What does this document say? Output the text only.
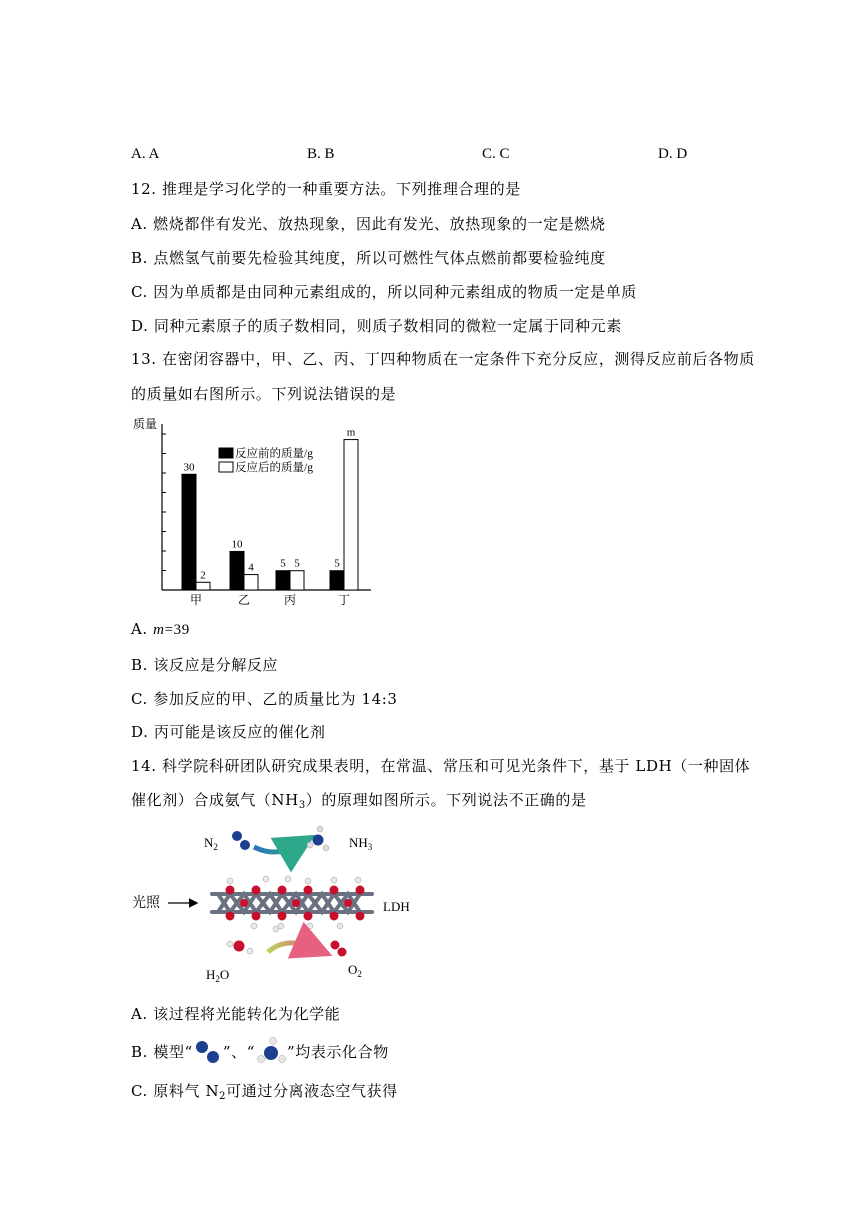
A. A	B. B	C. C	D. D
12. 推理是学习化学的一种重要方法。下列推理合理的是
A. 燃烧都伴有发光、放热现象，因此有发光、放热现象的一定是燃烧
B. 点燃氢气前要先检验其纯度，所以可燃性气体点燃前都要检验纯度
C. 因为单质都是由同种元素组成的，所以同种元素组成的物质一定是单质
D. 同种元素原子的质子数相同，则质子数相同的微粒一定属于同种元素
13. 在密闭容器中，甲、乙、丙、丁四种物质在一定条件下充分反应，测得反应前后各物质
的质量如右图所示。下列说法错误的是
质量
反应前的质量/g
反应后的质量/g
30
2
10
4 5 5	5
m
甲	乙	丙	丁
A. m=39
B. 该反应是分解反应
C. 参加反应的甲、乙的质量比为 14:3
D. 丙可能是该反应的催化剂
14. 科学院科研团队研究成果表明，在常温、常压和可见光条件下，基于 LDH（一种固体
催化剂）合成氨气$(NH_3)$的原理如图所示。下列说法不正确的是
$N_2$	$NH_3$
光照	LDH
$H_2O$	$O_2$
A. 该过程将光能转化为化学能
B. 模型“ ”、“ ”均表示化合物
C. 原料气 $N_2$可通过分离液态空气获得
